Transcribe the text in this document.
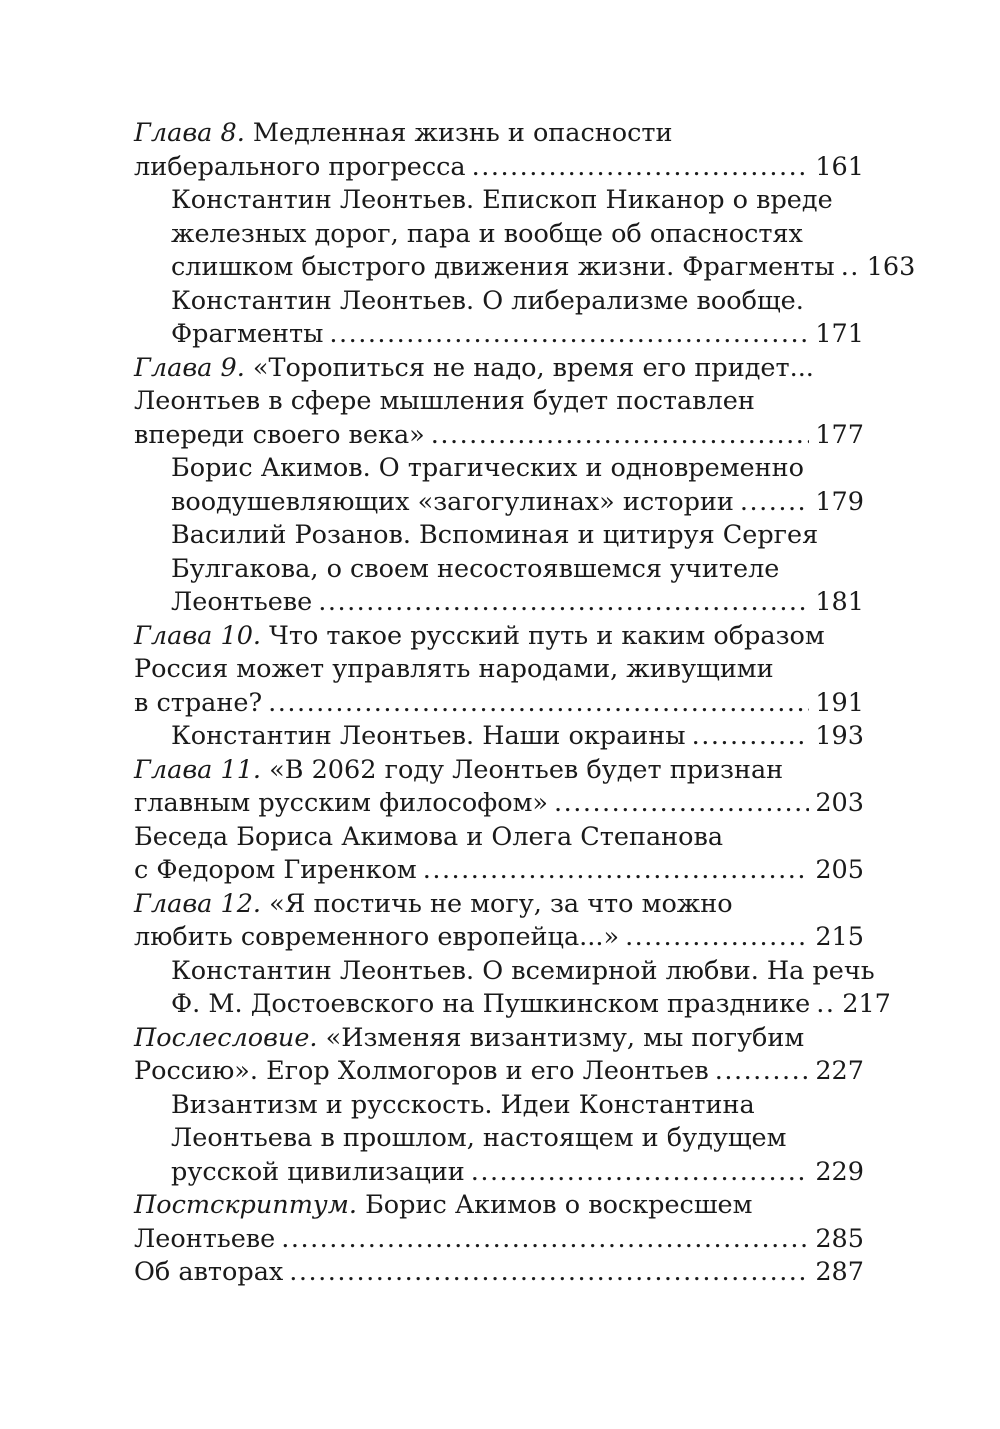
Глава 8. Медленная жизнь и опасности
либерального прогресса .....	161
Константин Леонтьев. Епископ Никанор о вреде
железных дорог, пара и вообще об опасностях
слишком быстрого движения жизни. Фрагменты ..... 163
Константин Леонтьев. О либерализме вообще.
Фрагменты .....	171
Глава 9. «Торопиться не надо, время его придет...
Леонтьев в сфере мышления будет поставлен
впереди своего века» .....	177
Борис Акимов. О трагических и одновременно
воодушевляющих «загогулинах» истории .....	179
Василий Розанов. Вспоминая и цитируя Сергея
Булгакова, о своем несостоявшемся учителе
Леонтьеве .....	181
Глава 10. Что такое русский путь и каким образом
Россия может управлять народами, живущими
в стране? .....	191
Константин Леонтьев. Наши окраины .....	193
Глава 11. «В 2062 году Леонтьев будет признан
главным русским философом» .....	203
Беседа Бориса Акимова и Олега Степанова
с Федором Гиренком .....	205
Глава 12. «Я постичь не могу, за что можно
любить современного европейца...» .....	215
Константин Леонтьев. О всемирной любви. На речь
Ф. М. Достоевского на Пушкинском празднике ..... 217
Послесловие. «Изменяя византизму, мы погубим
Россию». Егор Холмогоров и его Леонтьев .....	227
Византизм и русскость. Идеи Константина
Леонтьева в прошлом, настоящем и будущем
русской цивилизации .....	229
Постскриптум. Борис Акимов о воскресшем
Леонтьеве .....	285
Об авторах .....	287
